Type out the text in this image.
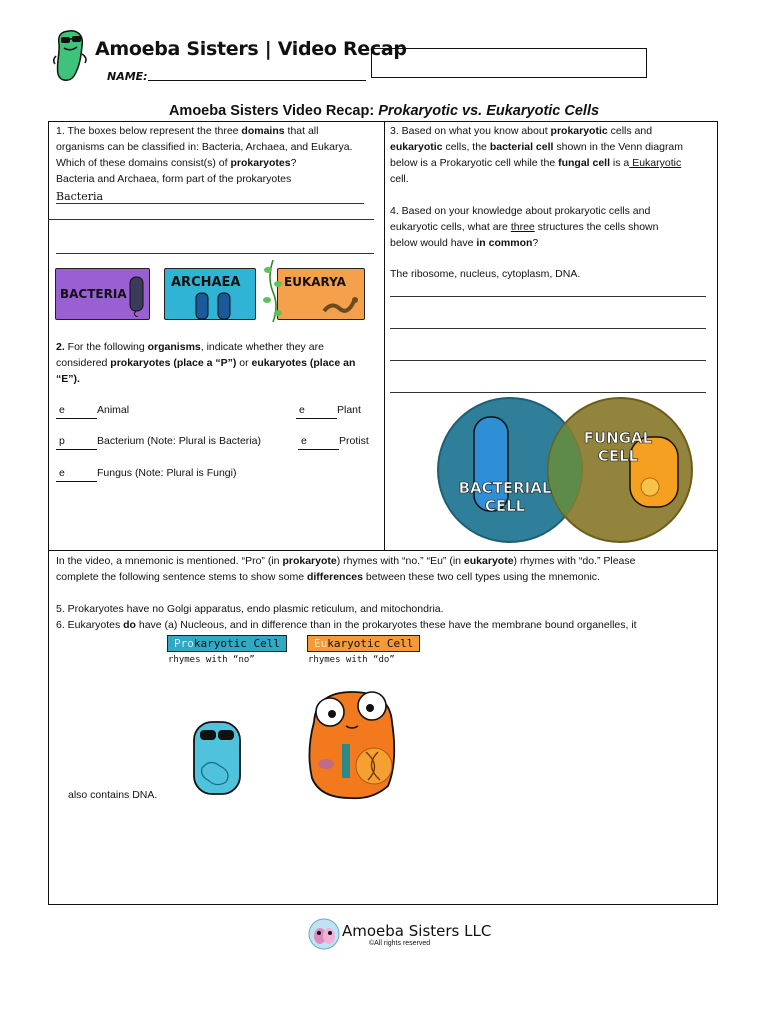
Amoeba Sisters | Video Recap
NAME:
Amoeba Sisters Video Recap: Prokaryotic vs. Eukaryotic Cells
1. The boxes below represent the three domains that all
organisms can be classified in: Bacteria, Archaea, and Eukarya.
Which of these domains consist(s) of prokaryotes?
Bacteria and Archaea, form part of the prokaryotes
Bacteria
BACTERIA
ARCHAEA	EUKARYA
2. For the following organisms, indicate whether they are
considered prokaryotes (place a “P”) or eukaryotes (place an
“E”).
e	Animal	e	Plant
p	Bacterium (Note: Plural is Bacteria)	e	Protist
e	Fungus (Note: Plural is Fungi)
3. Based on what you know about prokaryotic cells and
eukaryotic cells, the bacterial cell shown in the Venn diagram
below is a Prokaryotic cell while the fungal cell is a Eukaryotic
cell.
4. Based on your knowledge about prokaryotic cells and
eukaryotic cells, what are three structures the cells shown
below would have in common?
The ribosome, nucleus, cytoplasm, DNA.
BACTERIAL
CELL
FUNGAL
CELL
In the video, a mnemonic is mentioned. “Pro” (in prokaryote) rhymes with “no.” “Eu” (in eukaryote) rhymes with “do.” Please
complete the following sentence stems to show some differences between these two cell types using the mnemonic.
5. Prokaryotes have no Golgi apparatus, endo plasmic reticulum, and mitochondria.
6. Eukaryotes do have (a) Nucleous, and in difference than in the prokaryotes these have the membrane bound organelles, it
Prokaryotic Cell
rhymes with “no”
Eukaryotic Cell
rhymes with “do”
also contains DNA.
Amoeba Sisters LLC
©All rights reserved
